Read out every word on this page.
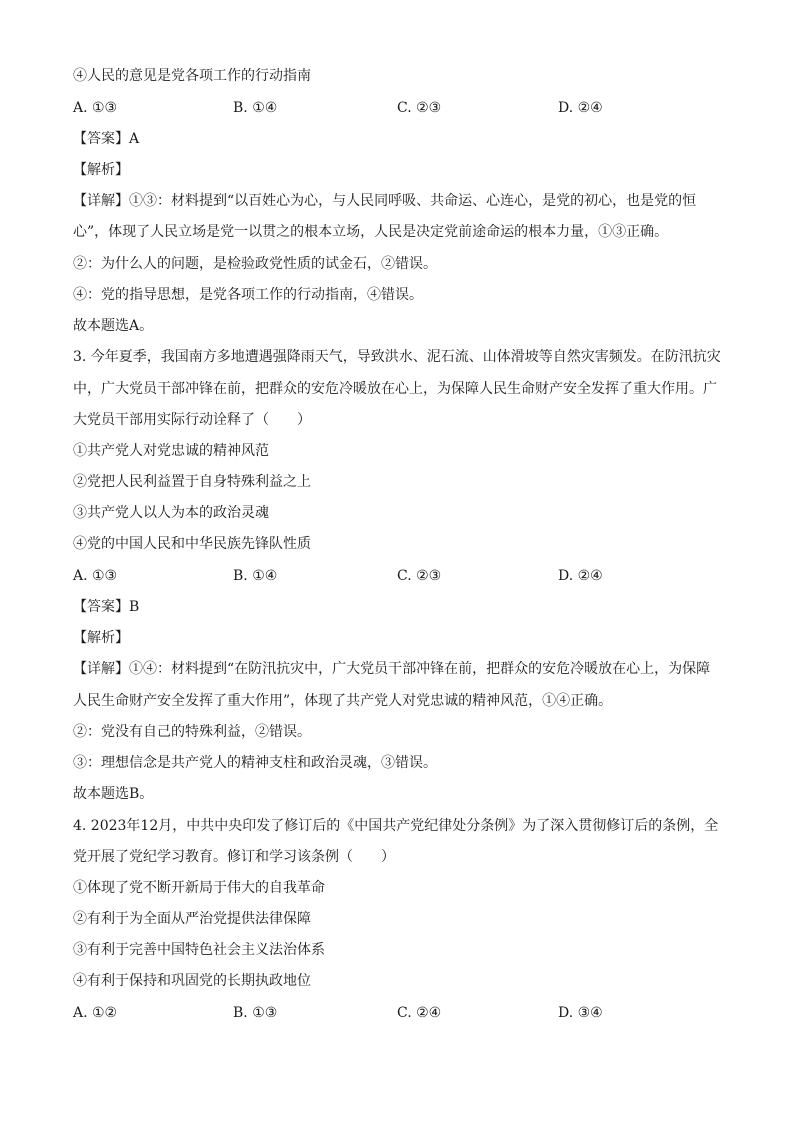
④人民的意见是党各项工作的行动指南
A. ①③	B. ①④	C. ②③	D. ②④
【答案】A
【解析】
【详解】①③：材料提到“以百姓心为心，与人民同呼吸、共命运、心连心，是党的初心，也是党的恒
心”，体现了人民立场是党一以贯之的根本立场，人民是决定党前途命运的根本力量，①③正确。
②：为什么人的问题，是检验政党性质的试金石，②错误。
④：党的指导思想，是党各项工作的行动指南，④错误。
故本题选A。
3. 今年夏季，我国南方多地遭遇强降雨天气，导致洪水、泥石流、山体滑坡等自然灾害频发。在防汛抗灾
中，广大党员干部冲锋在前，把群众的安危冷暖放在心上，为保障人民生命财产安全发挥了重大作用。广
大党员干部用实际行动诠释了（　　）
①共产党人对党忠诚的精神风范
②党把人民利益置于自身特殊利益之上
③共产党人以人为本的政治灵魂
④党的中国人民和中华民族先锋队性质
A. ①③	B. ①④	C. ②③	D. ②④
【答案】B
【解析】
【详解】①④：材料提到“在防汛抗灾中，广大党员干部冲锋在前，把群众的安危冷暖放在心上，为保障
人民生命财产安全发挥了重大作用”，体现了共产党人对党忠诚的精神风范，①④正确。
②：党没有自己的特殊利益，②错误。
③：理想信念是共产党人的精神支柱和政治灵魂，③错误。
故本题选B。
4. 2023年12月，中共中央印发了修订后的《中国共产党纪律处分条例》为了深入贯彻修订后的条例，全
党开展了党纪学习教育。修订和学习该条例（　　）
①体现了党不断开新局于伟大的自我革命
②有利于为全面从严治党提供法律保障
③有利于完善中国特色社会主义法治体系
④有利于保持和巩固党的长期执政地位
A. ①②	B. ①③	C. ②④	D. ③④
